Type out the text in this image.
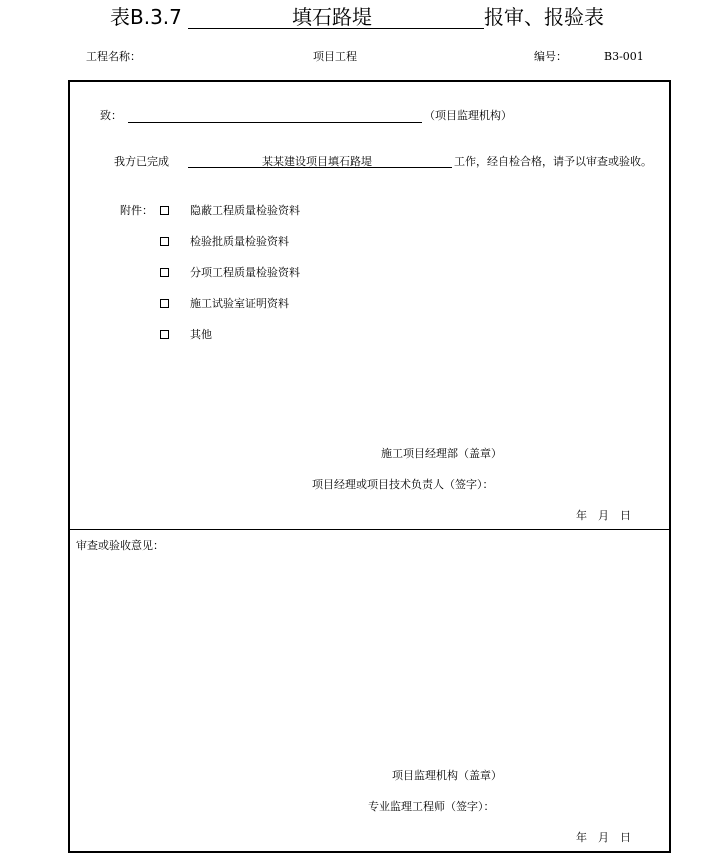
表B.3.7	填石路堤	报审、报验表
工程名称：	项目工程	编号：	B3-001
致：	（项目监理机构）
我方已完成	某某建设项目填石路堤	工作，经自检合格，请予以审查或验收。
附件：	隐蔽工程质量检验资料
检验批质量检验资料
分项工程质量检验资料
施工试验室证明资料
其他
施工项目经理部（盖章）
项目经理或项目技术负责人（签字）：
年　月　日
审查或验收意见：
项目监理机构（盖章）
专业监理工程师（签字）：
年　月　日
